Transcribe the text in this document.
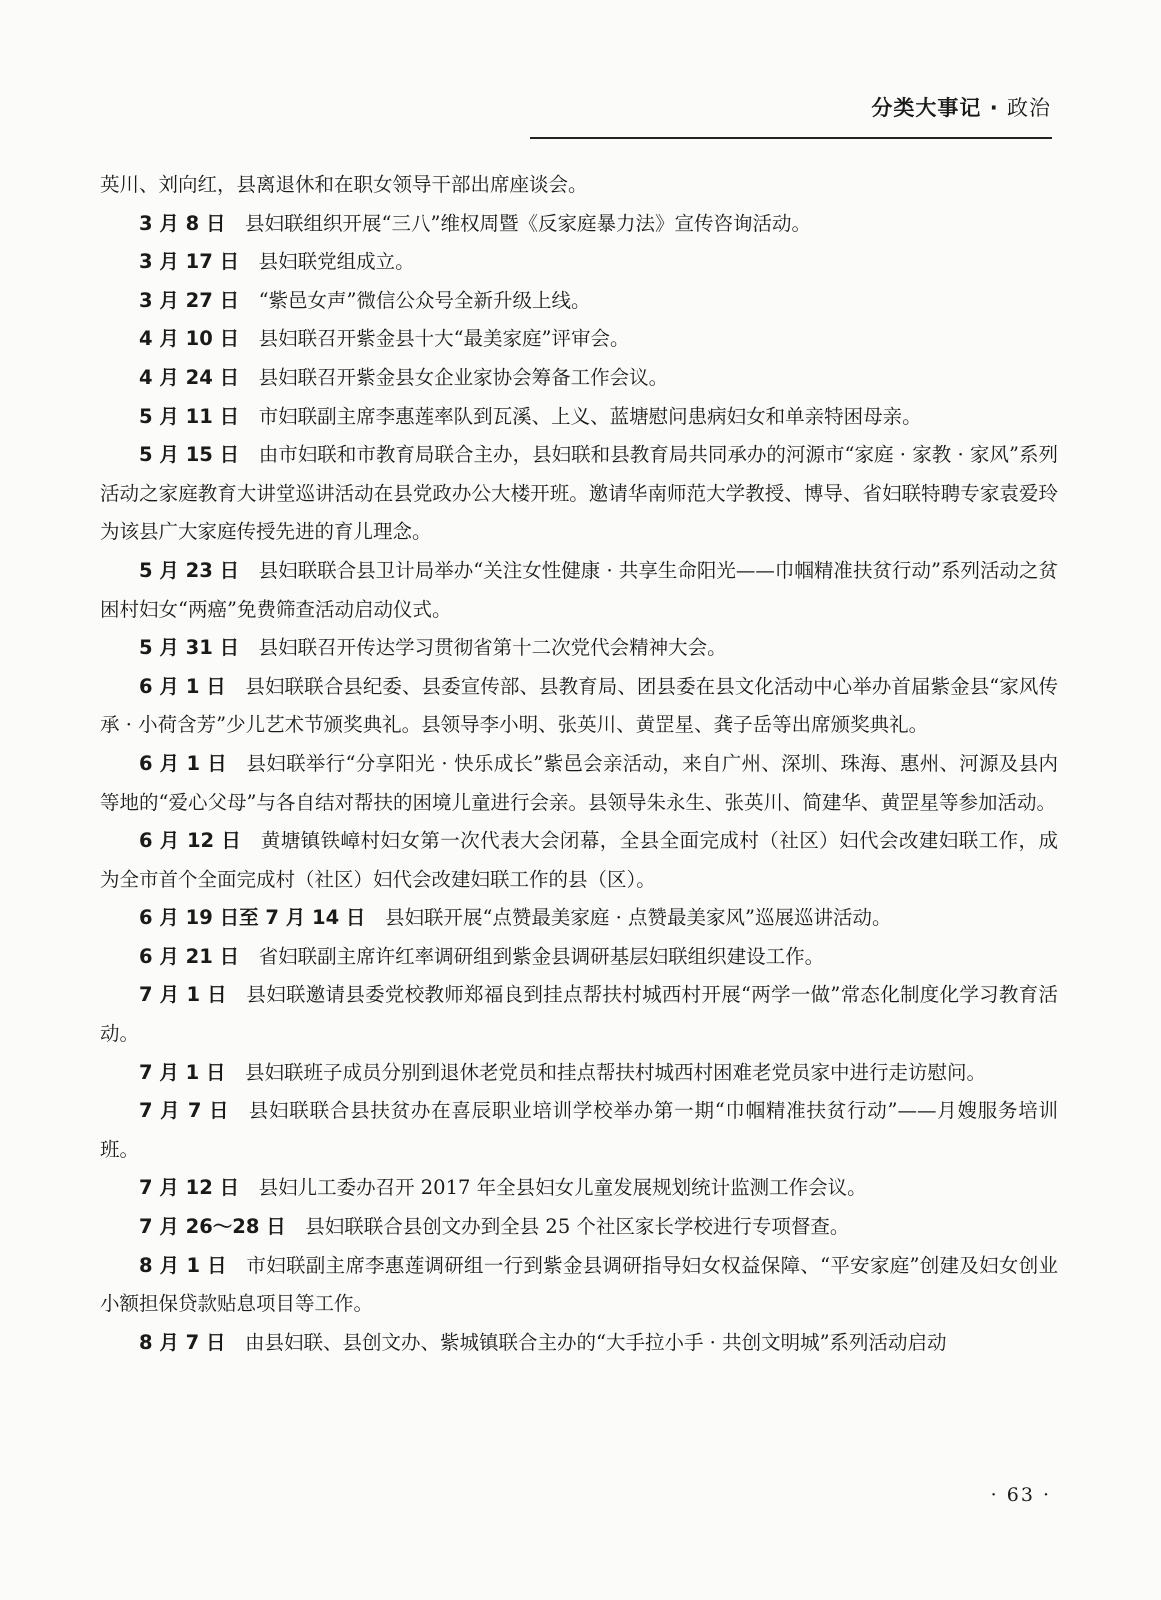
分类大事记 · 政治

英川、刘向红，县离退休和在职女领导干部出席座谈会。

3 月 8 日 县妇联组织开展“三八”维权周暨《反家庭暴力法》宣传咨询活动。

3 月 17 日 县妇联党组成立。

3 月 27 日 “紫邑女声”微信公众号全新升级上线。

4 月 10 日 县妇联召开紫金县十大“最美家庭”评审会。

4 月 24 日 县妇联召开紫金县女企业家协会筹备工作会议。

5 月 11 日 市妇联副主席李惠莲率队到瓦溪、上义、蓝塘慰问患病妇女和单亲特困母亲。

5 月 15 日 由市妇联和市教育局联合主办，县妇联和县教育局共同承办的河源市“家庭 · 家教 · 家风”系列活动之家庭教育大讲堂巡讲活动在县党政办公大楼开班。邀请华南师范大学教授、博导、省妇联特聘专家袁爱玲为该县广大家庭传授先进的育儿理念。

5 月 23 日 县妇联联合县卫计局举办“关注女性健康 · 共享生命阳光——巾帼精准扶贫行动”系列活动之贫困村妇女“两癌”免费筛查活动启动仪式。

5 月 31 日 县妇联召开传达学习贯彻省第十二次党代会精神大会。

6 月 1 日 县妇联联合县纪委、县委宣传部、县教育局、团县委在县文化活动中心举办首届紫金县“家风传承 · 小荷含芳”少儿艺术节颁奖典礼。县领导李小明、张英川、黄罡星、龚子岳等出席颁奖典礼。

6 月 1 日 县妇联举行“分享阳光 · 快乐成长”紫邑会亲活动，来自广州、深圳、珠海、惠州、河源及县内等地的“爱心父母”与各自结对帮扶的困境儿童进行会亲。县领导朱永生、张英川、简建华、黄罡星等参加活动。

6 月 12 日 黄塘镇铁嶂村妇女第一次代表大会闭幕，全县全面完成村（社区）妇代会改建妇联工作，成为全市首个全面完成村（社区）妇代会改建妇联工作的县（区）。

6 月 19 日至 7 月 14 日 县妇联开展“点赞最美家庭 · 点赞最美家风”巡展巡讲活动。

6 月 21 日 省妇联副主席许红率调研组到紫金县调研基层妇联组织建设工作。

7 月 1 日 县妇联邀请县委党校教师郑福良到挂点帮扶村城西村开展“两学一做”常态化制度化学习教育活动。

7 月 1 日 县妇联班子成员分别到退休老党员和挂点帮扶村城西村困难老党员家中进行走访慰问。

7 月 7 日 县妇联联合县扶贫办在喜辰职业培训学校举办第一期“巾帼精准扶贫行动”——月嫂服务培训班。

7 月 12 日 县妇儿工委办召开 2017 年全县妇女儿童发展规划统计监测工作会议。

7 月 26～28 日 县妇联联合县创文办到全县 25 个社区家长学校进行专项督查。

8 月 1 日 市妇联副主席李惠莲调研组一行到紫金县调研指导妇女权益保障、“平安家庭”创建及妇女创业小额担保贷款贴息项目等工作。

8 月 7 日 由县妇联、县创文办、紫城镇联合主办的“大手拉小手 · 共创文明城”系列活动启动

· 63 ·
